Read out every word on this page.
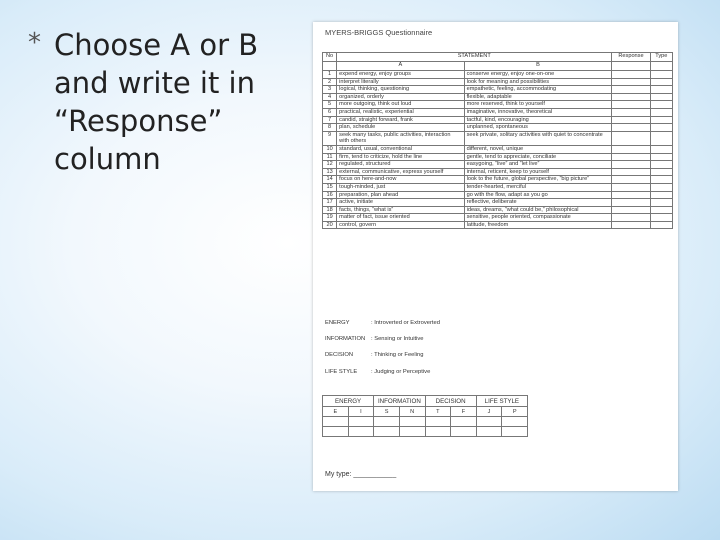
* Choose A or B and write it in “Response” column
MYERS-BRIGGS Questionnaire
No	STATEMENT		Response	Type
	A	B		
1	expend energy, enjoy groups	conserve energy, enjoy one-on-one		
2	interpret literally	look for meaning and possibilities		
3	logical, thinking, questioning	empathetic, feeling, accommodating		
4	organized, orderly	flexible, adaptable		
5	more outgoing, think out loud	more reserved, think to yourself		
6	practical, realistic, experiential	imaginative, innovative, theoretical		
7	candid, straight forward, frank	tactful, kind, encouraging		
8	plan, schedule	unplanned, spontaneous		
9	seek many tasks, public activities, interaction with others	seek private, solitary activities with quiet to concentrate		
10	standard, usual, conventional	different, novel, unique		
11	firm, tend to criticize, hold the line	gentle, tend to appreciate, conciliate		
12	regulated, structured	easygoing, “live” and “let live”		
13	external, communicative, express yourself	internal, reticent, keep to yourself		
14	focus on here-and-now	look to the future, global perspective, “big picture”		
15	tough-minded, just	tender-hearted, merciful		
16	preparation, plan ahead	go with the flow, adapt as you go		
17	active, initiate	reflective, deliberate		
18	facts, things, “what is”	ideas, dreams, “what could be,” philosophical		
19	matter of fact, issue oriented	sensitive, people oriented, compassionate		
20	control, govern	latitude, freedom		
ENERGY	: Introverted or Extroverted
INFORMATION : Sensing or Intuitive
DECISION	: Thinking or Feeling
LIFE STYLE : Judging or Perceptive
ENERGY		INFORMATION		DECISION		LIFE STYLE	
E	I	S	N	T	F	J	P

My type: ___________
